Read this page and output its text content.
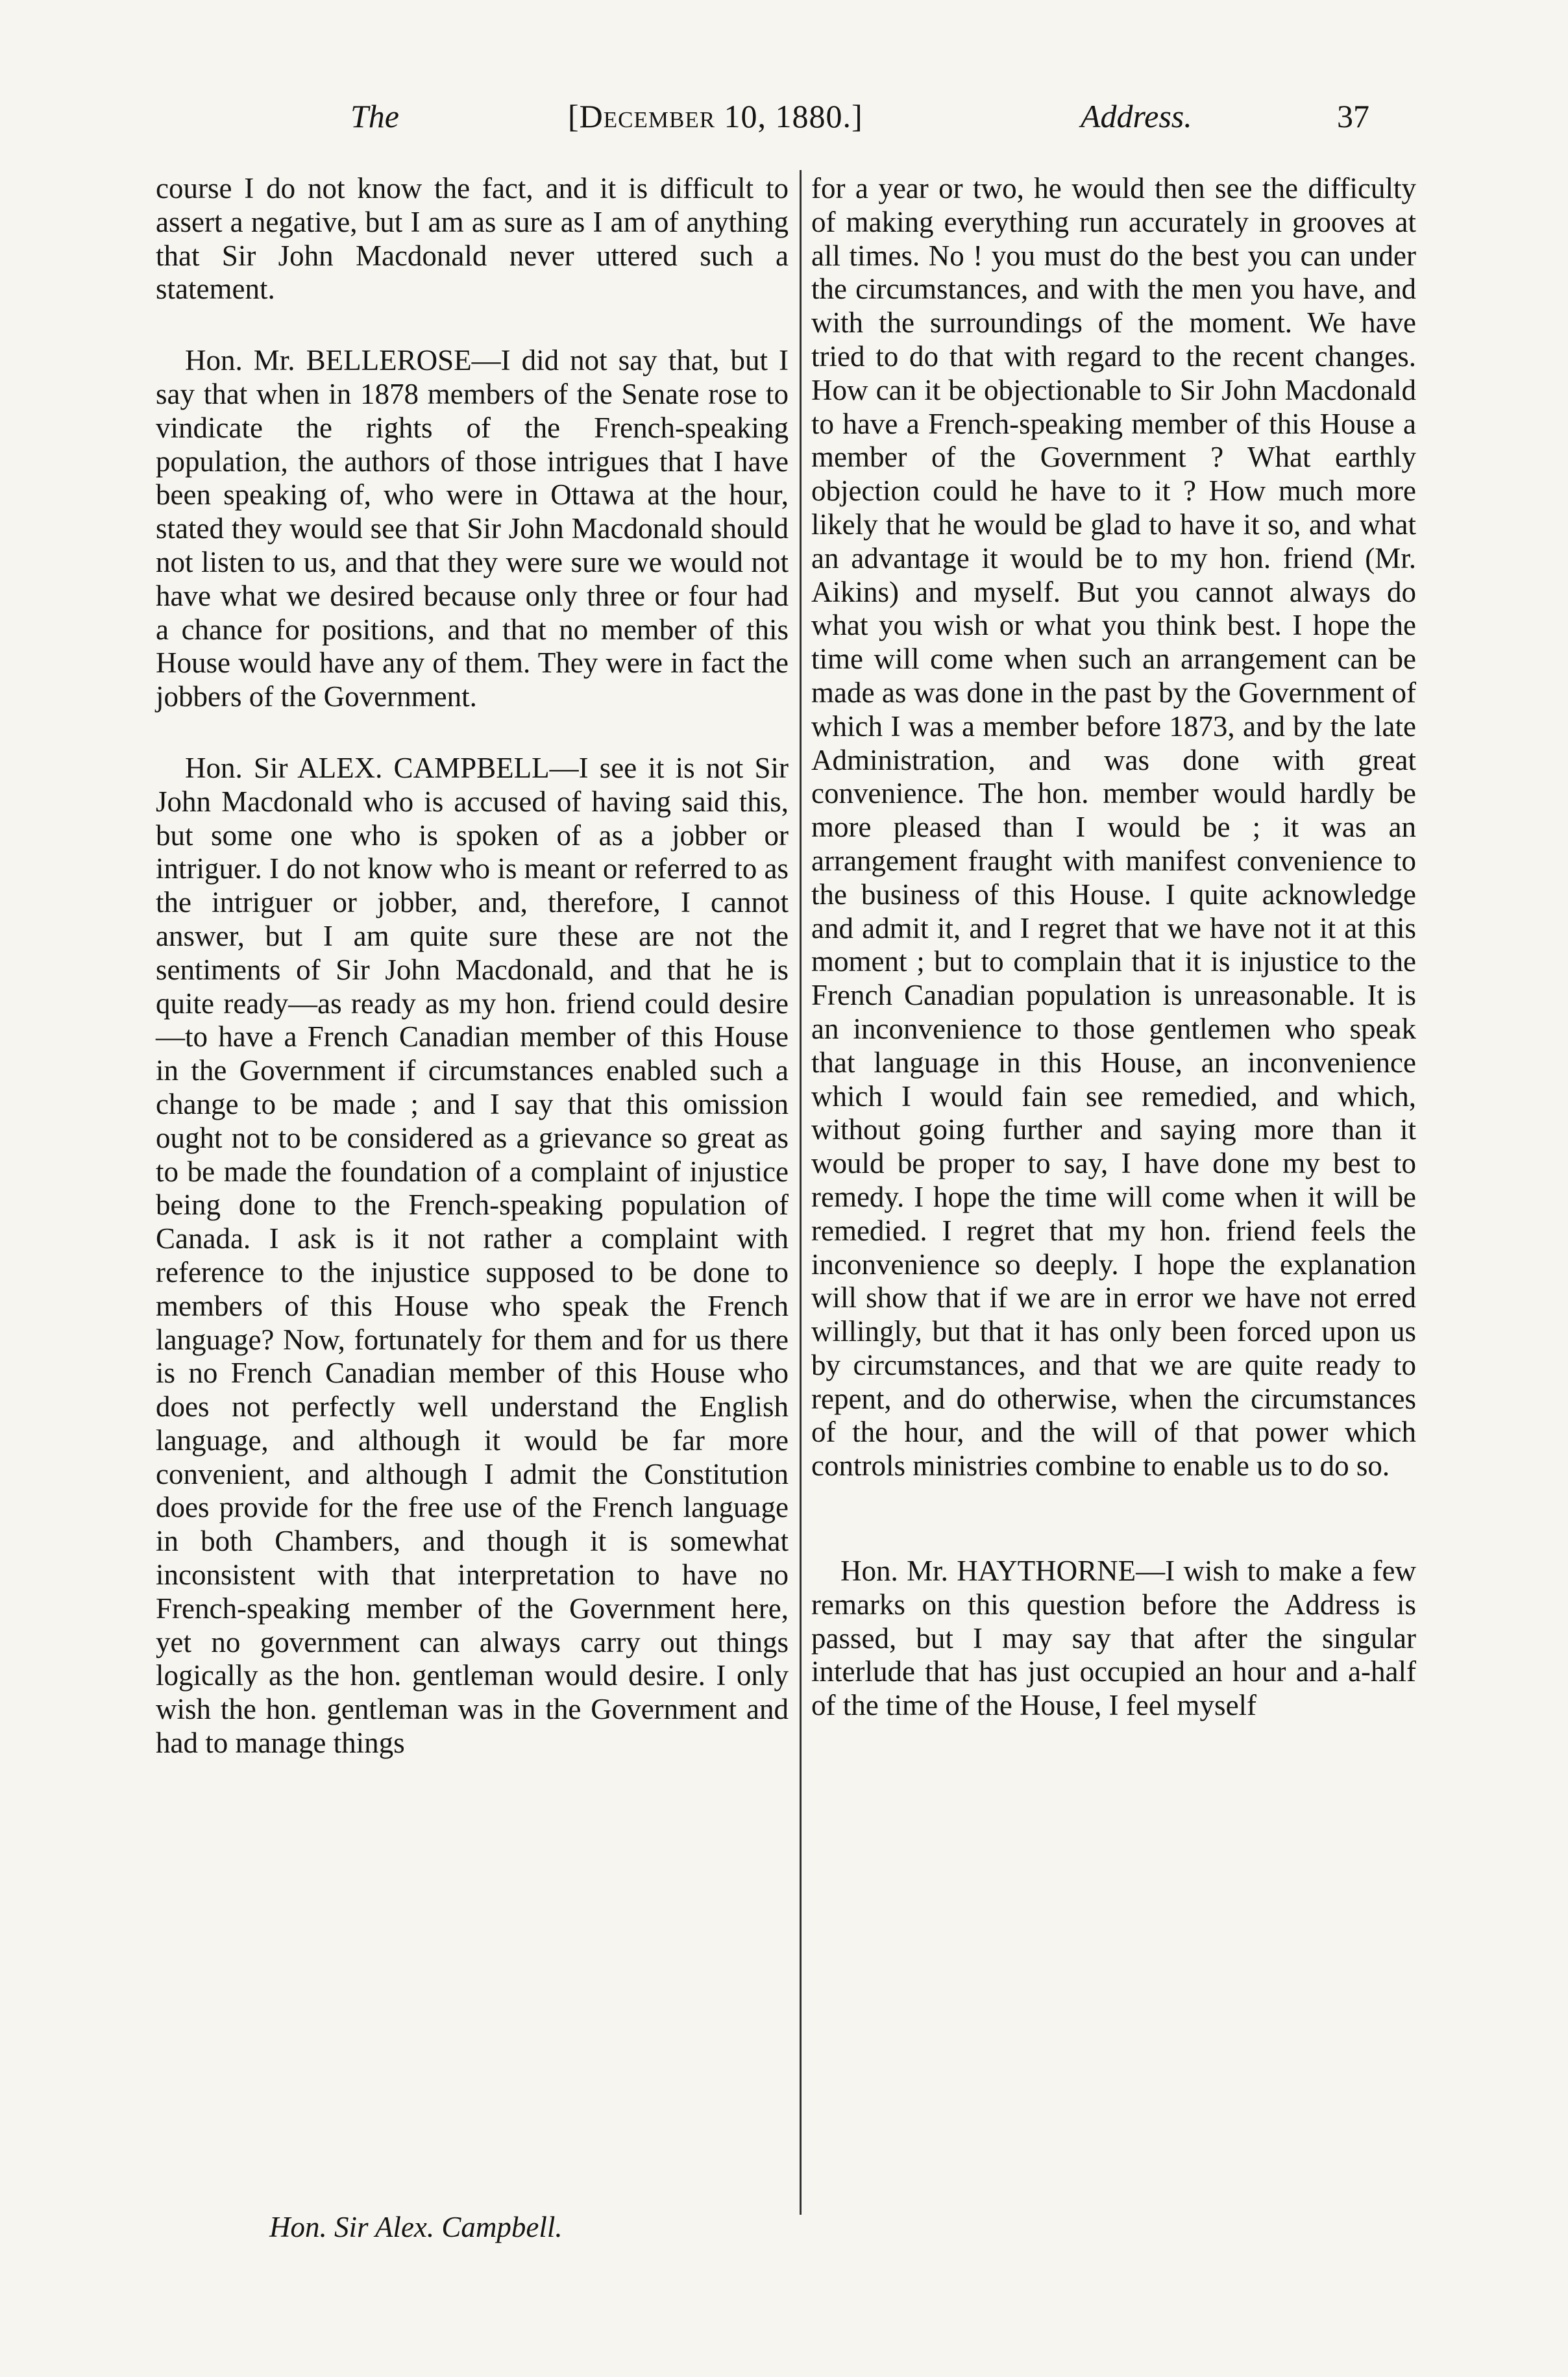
The	[December 10, 1880.]	Address.	37

course I do not know the fact, and it is difficult to assert a negative, but I am as sure as I am of anything that Sir John Macdonald never uttered such a statement.

Hon. Mr. BELLEROSE—I did not say that, but I say that when in 1878 members of the Senate rose to vindicate the rights of the French-speaking population, the authors of those intrigues that I have been speaking of, who were in Ottawa at the hour, stated they would see that Sir John Macdonald should not listen to us, and that they were sure we would not have what we desired because only three or four had a chance for positions, and that no member of this House would have any of them. They were in fact the jobbers of the Government.

Hon. Sir ALEX. CAMPBELL—I see it is not Sir John Macdonald who is accused of having said this, but some one who is spoken of as a jobber or intriguer. I do not know who is meant or referred to as the intriguer or jobber, and, therefore, I cannot answer, but I am quite sure these are not the sentiments of Sir John Macdonald, and that he is quite ready—as ready as my hon. friend could desire—to have a French Canadian member of this House in the Government if circumstances enabled such a change to be made ; and I say that this omission ought not to be considered as a grievance so great as to be made the foundation of a complaint of injustice being done to the French-speaking population of Canada. I ask is it not rather a complaint with reference to the injustice supposed to be done to members of this House who speak the French language? Now, fortunately for them and for us there is no French Canadian member of this House who does not perfectly well understand the English language, and although it would be far more convenient, and although I admit the Constitution does provide for the free use of the French language in both Chambers, and though it is somewhat inconsistent with that interpretation to have no French-speaking member of the Government here, yet no government can always carry out things logically as the hon. gentleman would desire. I only wish the hon. gentleman was in the Government and had to manage things

for a year or two, he would then see the difficulty of making everything run accurately in grooves at all times. No ! you must do the best you can under the circumstances, and with the men you have, and with the surroundings of the moment. We have tried to do that with regard to the recent changes. How can it be objectionable to Sir John Macdonald to have a French-speaking member of this House a member of the Government ? What earthly objection could he have to it ? How much more likely that he would be glad to have it so, and what an advantage it would be to my hon. friend (Mr. Aikins) and myself. But you cannot always do what you wish or what you think best. I hope the time will come when such an arrangement can be made as was done in the past by the Government of which I was a member before 1873, and by the late Administration, and was done with great convenience. The hon. member would hardly be more pleased than I would be ; it was an arrangement fraught with manifest convenience to the business of this House. I quite acknowledge and admit it, and I regret that we have not it at this moment ; but to complain that it is injustice to the French Canadian population is unreasonable. It is an inconvenience to those gentlemen who speak that language in this House, an inconvenience which I would fain see remedied, and which, without going further and saying more than it would be proper to say, I have done my best to remedy. I hope the time will come when it will be remedied. I regret that my hon. friend feels the inconvenience so deeply. I hope the explanation will show that if we are in error we have not erred willingly, but that it has only been forced upon us by circumstances, and that we are quite ready to repent, and do otherwise, when the circumstances of the hour, and the will of that power which controls ministries combine to enable us to do so.

Hon. Mr. HAYTHORNE—I wish to make a few remarks on this question before the Address is passed, but I may say that after the singular interlude that has just occupied an hour and a-half of the time of the House, I feel myself

Hon. Sir Alex. Campbell.
